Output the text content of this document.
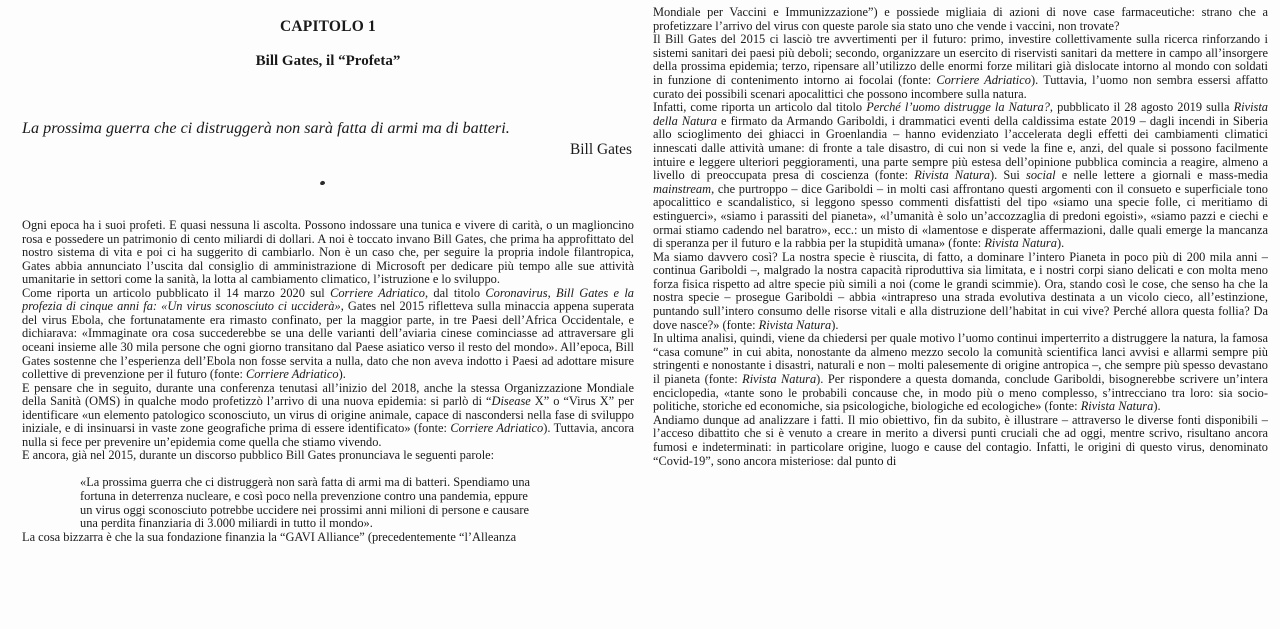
CAPITOLO 1
Bill Gates, il “Profeta”
La prossima guerra che ci distruggerà non sarà fatta di armi ma di batteri.
Bill Gates

Ogni epoca ha i suoi profeti. E quasi nessuna li ascolta. Possono indossare una tunica e vivere di carità, o un maglioncino rosa e possedere un patrimonio di cento miliardi di dollari. A noi è toccato invano Bill Gates, che prima ha approfittato del nostro sistema di vita e poi ci ha suggerito di cambiarlo. Non è un caso che, per seguire la propria indole filantropica, Gates abbia annunciato l’uscita dal consiglio di amministrazione di Microsoft per dedicare più tempo alle sue attività umanitarie in settori come la sanità, la lotta al cambiamento climatico, l’istruzione e lo sviluppo.

Come riporta un articolo pubblicato il 14 marzo 2020 sul Corriere Adriatico, dal titolo Coronavirus, Bill Gates e la profezia di cinque anni fa: «Un virus sconosciuto ci ucciderà», Gates nel 2015 rifletteva sulla minaccia appena superata del virus Ebola, che fortunatamente era rimasto confinato, per la maggior parte, in tre Paesi dell’Africa Occidentale, e dichiarava: «Immaginate ora cosa succederebbe se una delle varianti dell’aviaria cinese cominciasse ad attraversare gli oceani insieme alle 30 mila persone che ogni giorno transitano dal Paese asiatico verso il resto del mondo». All’epoca, Bill Gates sostenne che l’esperienza dell’Ebola non fosse servita a nulla, dato che non aveva indotto i Paesi ad adottare misure collettive di prevenzione per il futuro (fonte: Corriere Adriatico).

E pensare che in seguito, durante una conferenza tenutasi all’inizio del 2018, anche la stessa Organizzazione Mondiale della Sanità (OMS) in qualche modo profetizzò l’arrivo di una nuova epidemia: si parlò di “Disease X” o “Virus X” per identificare «un elemento patologico sconosciuto, un virus di origine animale, capace di nascondersi nella fase di sviluppo iniziale, e di insinuarsi in vaste zone geografiche prima di essere identificato» (fonte: Corriere Adriatico). Tuttavia, ancora nulla si fece per prevenire un’epidemia come quella che stiamo vivendo.

E ancora, già nel 2015, durante un discorso pubblico Bill Gates pronunciava le seguenti parole:

«La prossima guerra che ci distruggerà non sarà fatta di armi ma di batteri. Spendiamo una fortuna in deterrenza nucleare, e così poco nella prevenzione contro una pandemia, eppure un virus oggi sconosciuto potrebbe uccidere nei prossimi anni milioni di persone e causare una perdita finanziaria di 3.000 miliardi in tutto il mondo».

La cosa bizzarra è che la sua fondazione finanzia la “GAVI Alliance” (precedentemente “l’Alleanza

Mondiale per Vaccini e Immunizzazione”) e possiede migliaia di azioni di nove case farmaceutiche: strano che a profetizzare l’arrivo del virus con queste parole sia stato uno che vende i vaccini, non trovate?

Il Bill Gates del 2015 ci lasciò tre avvertimenti per il futuro: primo, investire collettivamente sulla ricerca rinforzando i sistemi sanitari dei paesi più deboli; secondo, organizzare un esercito di riservisti sanitari da mettere in campo all’insorgere della prossima epidemia; terzo, ripensare all’utilizzo delle enormi forze militari già dislocate intorno al mondo con soldati in funzione di contenimento intorno ai focolai (fonte: Corriere Adriatico). Tuttavia, l’uomo non sembra essersi affatto curato dei possibili scenari apocalittici che possono incombere sulla natura.

Infatti, come riporta un articolo dal titolo Perché l’uomo distrugge la Natura?, pubblicato il 28 agosto 2019 sulla Rivista della Natura e firmato da Armando Gariboldi, i drammatici eventi della caldissima estate 2019 – dagli incendi in Siberia allo scioglimento dei ghiacci in Groenlandia – hanno evidenziato l’accelerata degli effetti dei cambiamenti climatici innescati dalle attività umane: di fronte a tale disastro, di cui non si vede la fine e, anzi, del quale si possono facilmente intuire e leggere ulteriori peggioramenti, una parte sempre più estesa dell’opinione pubblica comincia a reagire, almeno a livello di preoccupata presa di coscienza (fonte: Rivista Natura). Sui social e nelle lettere a giornali e mass-media mainstream, che purtroppo – dice Gariboldi – in molti casi affrontano questi argomenti con il consueto e superficiale tono apocalittico e scandalistico, si leggono spesso commenti disfattisti del tipo «siamo una specie folle, ci meritiamo di estinguerci», «siamo i parassiti del pianeta», «l’umanità è solo un’accozzaglia di predoni egoisti», «siamo pazzi e ciechi e ormai stiamo cadendo nel baratro», ecc.: un misto di «lamentose e disperate affermazioni, dalle quali emerge la mancanza di speranza per il futuro e la rabbia per la stupidità umana» (fonte: Rivista Natura).

Ma siamo davvero così? La nostra specie è riuscita, di fatto, a dominare l’intero Pianeta in poco più di 200 mila anni – continua Gariboldi –, malgrado la nostra capacità riproduttiva sia limitata, e i nostri corpi siano delicati e con molta meno forza fisica rispetto ad altre specie più simili a noi (come le grandi scimmie). Ora, stando così le cose, che senso ha che la nostra specie – prosegue Gariboldi – abbia «intrapreso una strada evolutiva destinata a un vicolo cieco, all’estinzione, puntando sull’intero consumo delle risorse vitali e alla distruzione dell’habitat in cui vive? Perché allora questa follia? Da dove nasce?» (fonte: Rivista Natura).

In ultima analisi, quindi, viene da chiedersi per quale motivo l’uomo continui imperterrito a distruggere la natura, la famosa “casa comune” in cui abita, nonostante da almeno mezzo secolo la comunità scientifica lanci avvisi e allarmi sempre più stringenti e nonostante i disastri, naturali e non – molti palesemente di origine antropica –, che sempre più spesso devastano il pianeta (fonte: Rivista Natura). Per rispondere a questa domanda, conclude Gariboldi, bisognerebbe scrivere un’intera enciclopedia, «tante sono le probabili concause che, in modo più o meno complesso, s’intrecciano tra loro: sia socio-politiche, storiche ed economiche, sia psicologiche, biologiche ed ecologiche» (fonte: Rivista Natura).

Andiamo dunque ad analizzare i fatti. Il mio obiettivo, fin da subito, è illustrare – attraverso le diverse fonti disponibili – l’acceso dibattito che si è venuto a creare in merito a diversi punti cruciali che ad oggi, mentre scrivo, risultano ancora fumosi e indeterminati: in particolare origine, luogo e cause del contagio. Infatti, le origini di questo virus, denominato “Covid-19”, sono ancora misteriose: dal punto di
